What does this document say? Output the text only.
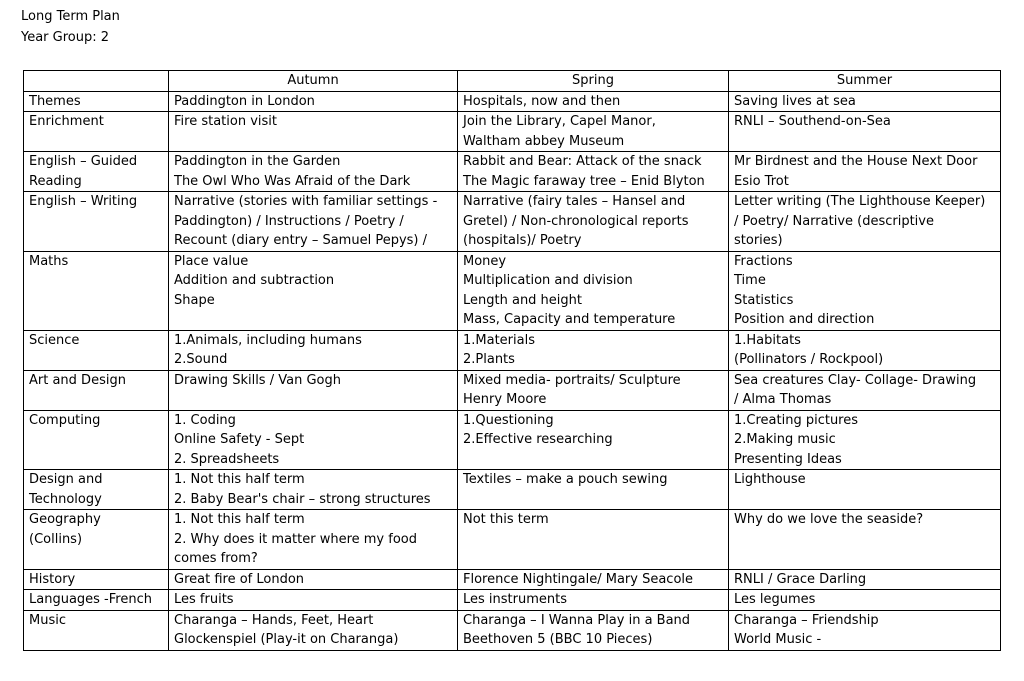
Long Term Plan
Year Group: 2
	Autumn	Spring	Summer

Themes	Paddington in London	Hospitals, now and then	Saving lives at sea

Enrichment	Fire station visit	Join the Library, Capel Manor,
Waltham abbey Museum	RNLI – Southend-on-Sea

English – Guided
Reading	Paddington in the Garden
The Owl Who Was Afraid of the Dark	Rabbit and Bear: Attack of the snack
The Magic faraway tree – Enid Blyton	Mr Birdnest and the House Next Door
Esio Trot

English – Writing	Narrative (stories with familiar settings -
Paddington) / Instructions / Poetry /
Recount (diary entry – Samuel Pepys) /	Narrative (fairy tales – Hansel and
Gretel) / Non-chronological reports
(hospitals)/ Poetry	Letter writing (The Lighthouse Keeper)
/ Poetry/ Narrative (descriptive
stories)

Maths	Place value
Addition and subtraction
Shape	Money
Multiplication and division
Length and height
Mass, Capacity and temperature	Fractions
Time
Statistics
Position and direction

Science	1.Animals, including humans
2.Sound	1.Materials
2.Plants	1.Habitats
(Pollinators / Rockpool)

Art and Design	Drawing Skills / Van Gogh	Mixed media- portraits/ Sculpture
Henry Moore	Sea creatures Clay- Collage- Drawing
/ Alma Thomas

Computing	1. Coding
Online Safety - Sept
2. Spreadsheets	1.Questioning
2.Effective researching	1.Creating pictures
2.Making music
Presenting Ideas

Design and
Technology	1. Not this half term
2. Baby Bear's chair – strong structures	Textiles – make a pouch sewing	Lighthouse

Geography
(Collins)	1. Not this half term
2. Why does it matter where my food
comes from?	Not this term	Why do we love the seaside?

History	Great fire of London	Florence Nightingale/ Mary Seacole	RNLI / Grace Darling

Languages -French	Les fruits	Les instruments	Les legumes

Music	Charanga – Hands, Feet, Heart
Glockenspiel (Play-it on Charanga)	Charanga – I Wanna Play in a Band
Beethoven 5 (BBC 10 Pieces)	Charanga – Friendship
World Music -
